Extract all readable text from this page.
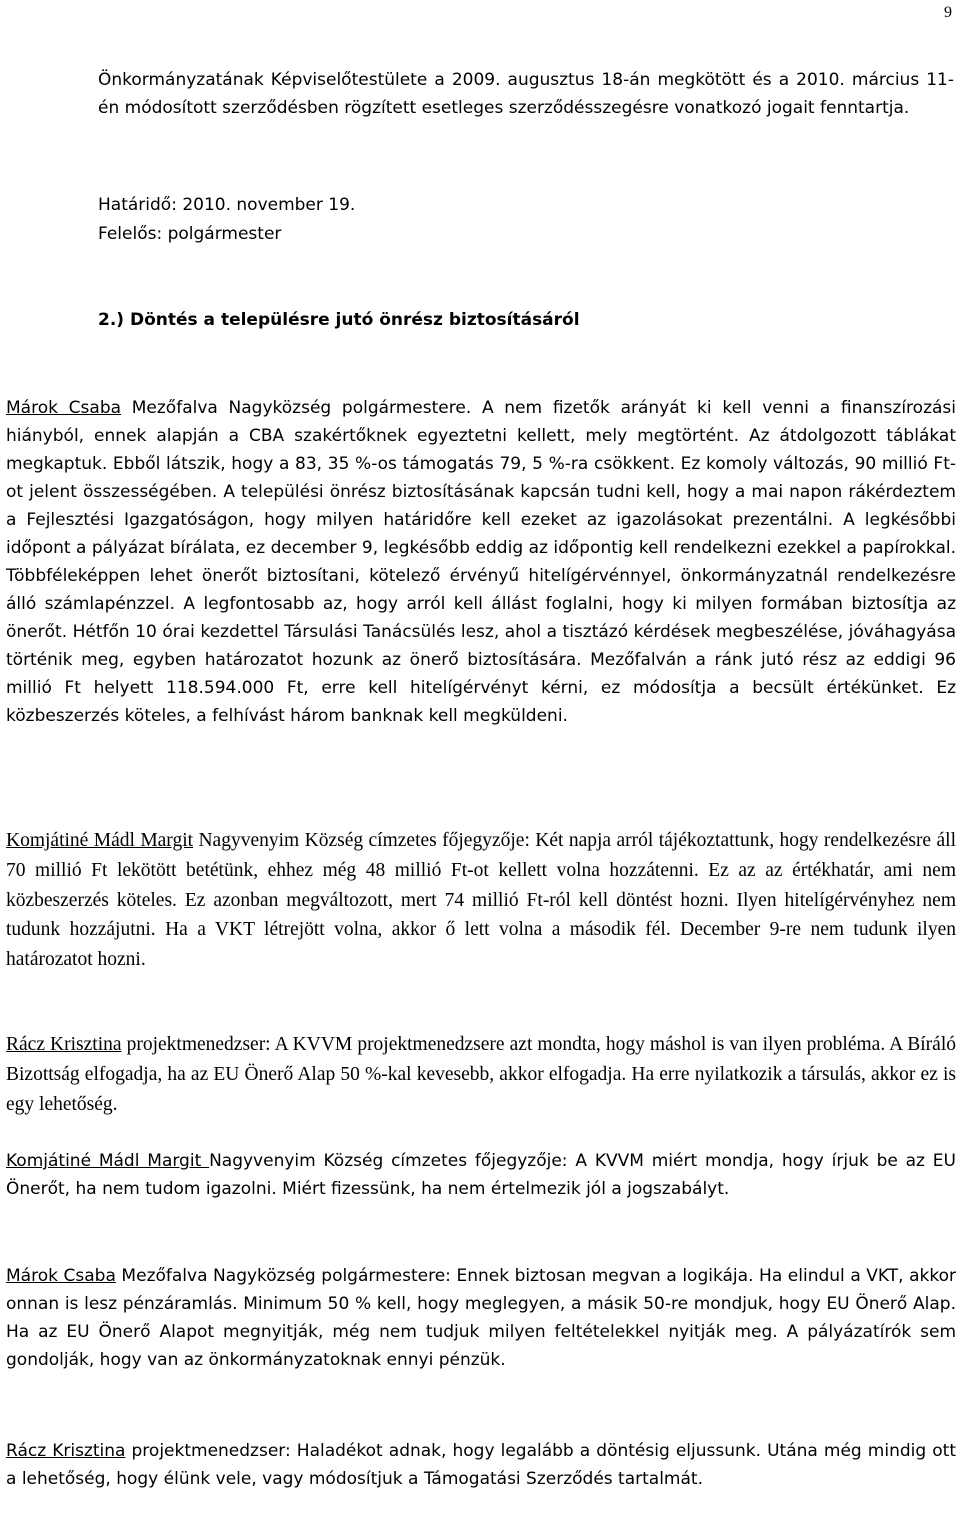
9

Önkormányzatának Képviselőtestülete a 2009. augusztus 18-án megkötött és a 2010. március 11-én módosított szerződésben rögzített esetleges szerződésszegésre vonatkozó jogait fenntartja.

Határidő: 2010. november 19.

Felelős: polgármester

2.) Döntés a településre jutó önrész biztosításáról

Márok Csaba Mezőfalva Nagyközség polgármestere. A nem fizetők arányát ki kell venni a finanszírozási hiányból, ennek alapján a CBA szakértőknek egyeztetni kellett, mely megtörtént. Az átdolgozott táblákat megkaptuk. Ebből látszik, hogy a 83, 35 %-os támogatás 79, 5 %-ra csökkent. Ez komoly változás, 90 millió Ft-ot jelent összességében. A települési önrész biztosításának kapcsán tudni kell, hogy a mai napon rákérdeztem a Fejlesztési Igazgatóságon, hogy milyen határidőre kell ezeket az igazolásokat prezentálni. A legkésőbbi időpont a pályázat bírálata, ez december 9, legkésőbb eddig az időpontig kell rendelkezni ezekkel a papírokkal. Többféleképpen lehet önerőt biztosítani, kötelező érvényű hitelígérvénnyel, önkormányzatnál rendelkezésre álló számlapénzzel. A legfontosabb az, hogy arról kell állást foglalni, hogy ki milyen formában biztosítja az önerőt. Hétfőn 10 órai kezdettel Társulási Tanácsülés lesz, ahol a tisztázó kérdések megbeszélése, jóváhagyása történik meg, egyben határozatot hozunk az önerő biztosítására. Mezőfalván a ránk jutó rész az eddigi 96 millió Ft helyett 118.594.000 Ft, erre kell hitelígérvényt kérni, ez módosítja a becsült értékünket. Ez közbeszerzés köteles, a felhívást három banknak kell megküldeni.

Komjátiné Mádl Margit Nagyvenyim Község címzetes főjegyzője: Két napja arról tájékoztattunk, hogy rendelkezésre áll 70 millió Ft lekötött betétünk, ehhez még 48 millió Ft-ot kellett volna hozzátenni. Ez az az értékhatár, ami nem közbeszerzés köteles. Ez azonban megváltozott, mert 74 millió Ft-ról kell döntést hozni. Ilyen hitelígérvényhez nem tudunk hozzájutni. Ha a VKT létrejött volna, akkor ő lett volna a második fél. December 9-re nem tudunk ilyen határozatot hozni.

Rácz Krisztina projektmenedzser: A KVVM projektmenedzsere azt mondta, hogy máshol is van ilyen probléma. A Bíráló Bizottság elfogadja, ha az EU Önerő Alap 50 %-kal kevesebb, akkor elfogadja. Ha erre nyilatkozik a társulás, akkor ez is egy lehetőség.

Komjátiné Mádl Margit Nagyvenyim Község címzetes főjegyzője: A KVVM miért mondja, hogy írjuk be az EU Önerőt, ha nem tudom igazolni. Miért fizessünk, ha nem értelmezik jól a jogszabályt.

Márok Csaba Mezőfalva Nagyközség polgármestere: Ennek biztosan megvan a logikája. Ha elindul a VKT, akkor onnan is lesz pénzáramlás. Minimum 50 % kell, hogy meglegyen, a másik 50-re mondjuk, hogy EU Önerő Alap. Ha az EU Önerő Alapot megnyitják, még nem tudjuk milyen feltételekkel nyitják meg. A pályázatírók sem gondolják, hogy van az önkormányzatoknak ennyi pénzük.

Rácz Krisztina projektmenedzser: Haladékot adnak, hogy legalább a döntésig eljussunk. Utána még mindig ott a lehetőség, hogy élünk vele, vagy módosítjuk a Támogatási Szerződés tartalmát.
